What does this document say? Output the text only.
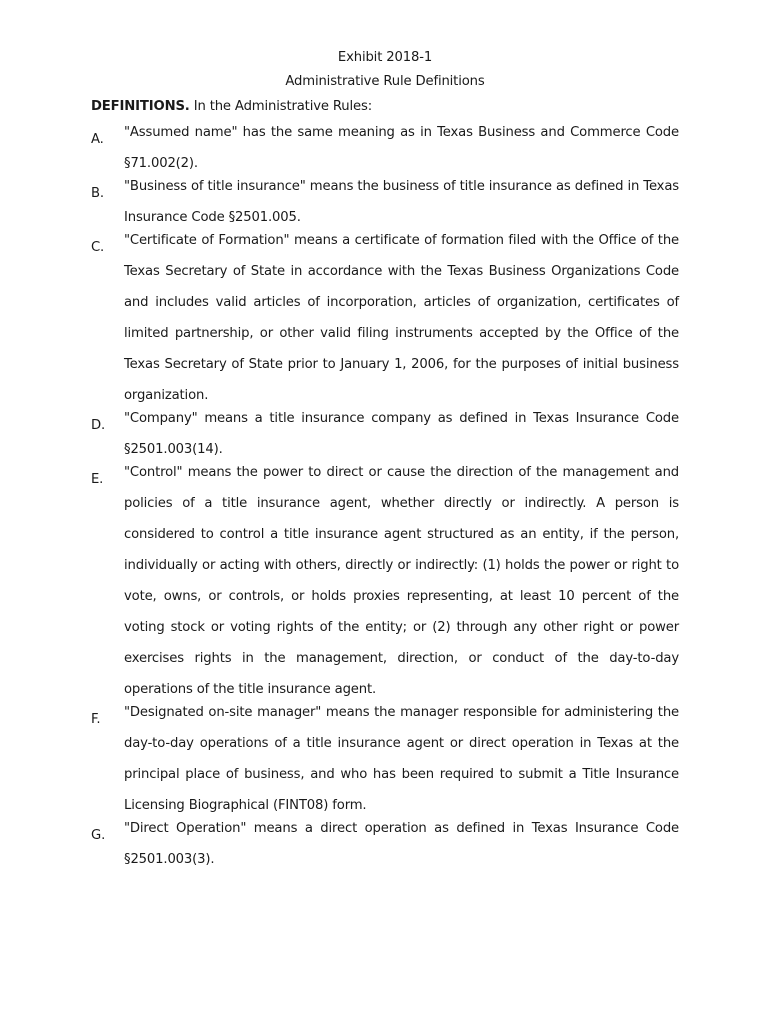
Exhibit 2018-1
Administrative Rule Definitions
DEFINITIONS. In the Administrative Rules:
A.	"Assumed name" has the same meaning as in Texas Business and Commerce Code §71.002(2).
B.	"Business of title insurance" means the business of title insurance as defined in Texas Insurance Code §2501.005.
C.	"Certificate of Formation" means a certificate of formation filed with the Office of the Texas Secretary of State in accordance with the Texas Business Organizations Code and includes valid articles of incorporation, articles of organization, certificates of limited partnership, or other valid filing instruments accepted by the Office of the Texas Secretary of State prior to January 1, 2006, for the purposes of initial business organization.
D.	"Company" means a title insurance company as defined in Texas Insurance Code §2501.003(14).
E.	"Control" means the power to direct or cause the direction of the management and policies of a title insurance agent, whether directly or indirectly. A person is considered to control a title insurance agent structured as an entity, if the person, individually or acting with others, directly or indirectly: (1) holds the power or right to vote, owns, or controls, or holds proxies representing, at least 10 percent of the voting stock or voting rights of the entity; or (2) through any other right or power exercises rights in the management, direction, or conduct of the day-to-day operations of the title insurance agent.
F.	"Designated on-site manager" means the manager responsible for administering the day-to-day operations of a title insurance agent or direct operation in Texas at the principal place of business, and who has been required to submit a Title Insurance Licensing Biographical (FINT08) form.
G.	"Direct Operation" means a direct operation as defined in Texas Insurance Code §2501.003(3).
